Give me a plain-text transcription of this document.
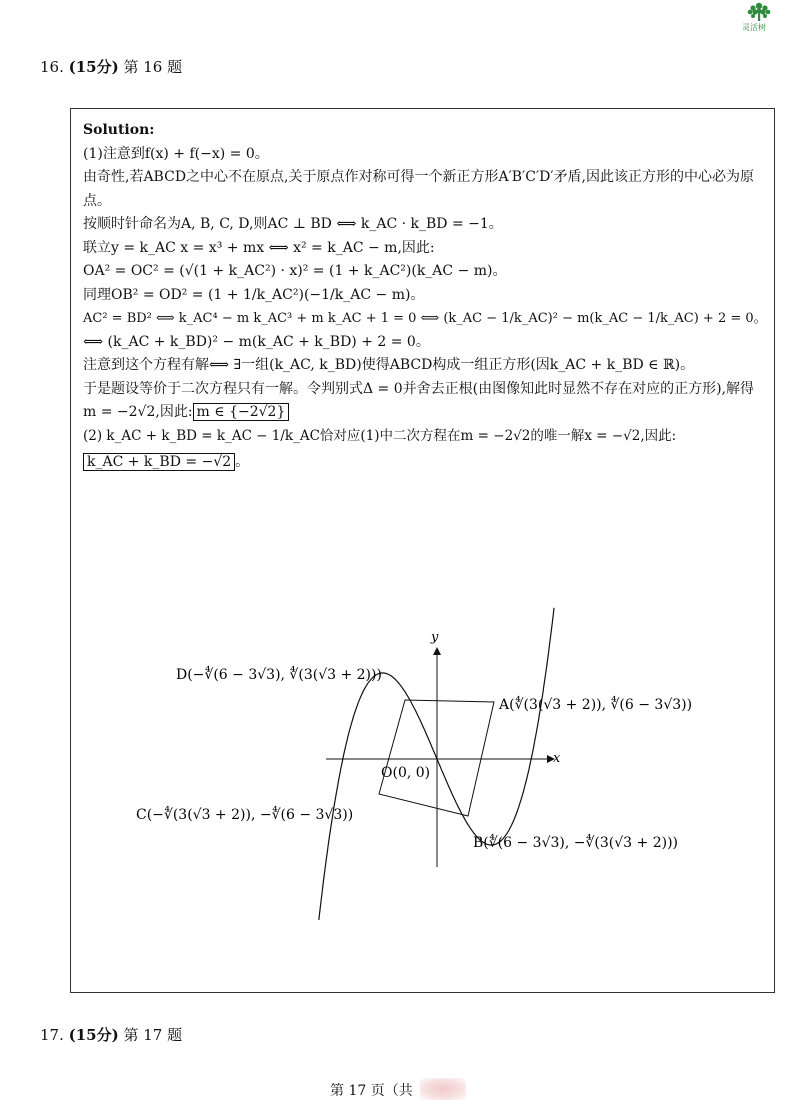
灵活树
16. (15分) 第 16 题
Solution:
(1)注意到f(x) + f(−x) = 0。
由奇性,若ABCD之中心不在原点,关于原点作对称可得一个新正方形A′B′C′D′矛盾,因此该正方形的中心必为原点。
按顺时针命名为A, B, C, D,则AC ⊥ BD ⟺ k_AC · k_BD = −1。
联立y = k_AC x = x³ + mx ⟺ x² = k_AC − m,因此:
OA² = OC² = (√(1 + k_AC²) · x)² = (1 + k_AC²)(k_AC − m)。
同理OB² = OD² = (1 + 1/k_AC²)(−1/k_AC − m)。
AC² = BD² ⟺ k_AC⁴ − m k_AC³ + m k_AC + 1 = 0 ⟺ (k_AC − 1/k_AC)² − m(k_AC − 1/k_AC) + 2 = 0。
⟺ (k_AC + k_BD)² − m(k_AC + k_BD) + 2 = 0。
注意到这个方程有解⟺ ∃一组(k_AC, k_BD)使得ABCD构成一组正方形(因k_AC + k_BD ∈ ℝ)。
于是题设等价于二次方程只有一解。令判别式Δ = 0并舍去正根(由图像知此时显然不存在对应的正方形),解得 m = −2√2,因此: m ∈ {−2√2}
(2) k_AC + k_BD = k_AC − 1/k_AC恰对应(1)中二次方程在m = −2√2的唯一解x = −√2,因此:
k_AC + k_BD = −√2 。
x
y
D(−∜(6 − 3√3), ∜(3(√3 + 2)))
A(∜(3(√3 + 2)), ∜(6 − 3√3))
O(0, 0)
C(−∜(3(√3 + 2)), −∜(6 − 3√3))
B(∜(6 − 3√3), −∜(3(√3 + 2)))
17. (15分) 第 17 题
第 17 页（共
